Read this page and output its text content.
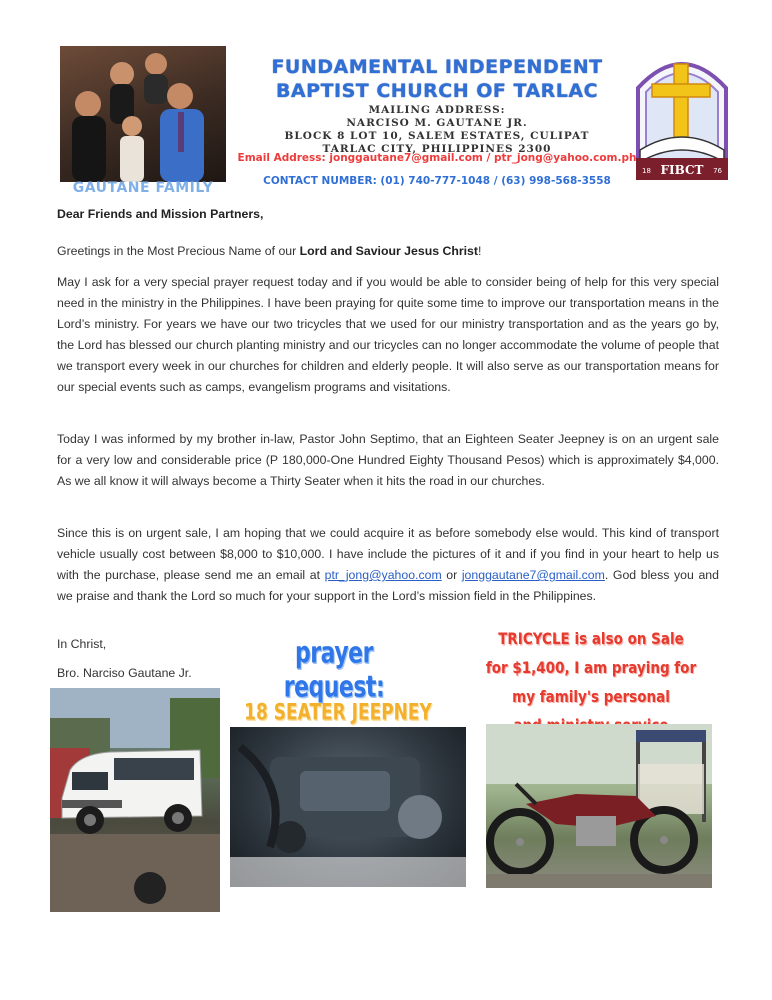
GAUTANE FAMILY
FUNDAMENTAL INDEPENDENT
BAPTIST CHURCH OF TARLAC
MAILING ADDRESS:
NARCISO M. GAUTANE JR.
BLOCK 8 LOT 10, SALEM ESTATES, CULIPAT
TARLAC CITY, PHILIPPINES 2300
Email Address: jonggautane7@gmail.com / ptr_jong@yahoo.com.ph
CONTACT NUMBER: (01) 740-777-1048 / (63) 998-568-3558
18 FIBCT 76

Dear Friends and Mission Partners,

Greetings in the Most Precious Name of our Lord and Saviour Jesus Christ!

May I ask for a very special prayer request today and if you would be able to consider being of help for this very special need in the ministry in the Philippines. I have been praying for quite some time to improve our transportation means in the Lord’s ministry. For years we have our two tricycles that we used for our ministry transportation and as the years go by, the Lord has blessed our church planting ministry and our tricycles can no longer accommodate the volume of people that we transport every week in our churches for children and elderly people. It will also serve as our transportation means for our special events such as camps, evangelism programs and visitations.

Today I was informed by my brother in-law, Pastor John Septimo, that an Eighteen Seater Jeepney is on an urgent sale for a very low and considerable price (P 180,000-One Hundred Eighty Thousand Pesos) which is approximately $4,000. As we all know it will always become a Thirty Seater when it hits the road in our churches.

Since this is on urgent sale, I am hoping that we could acquire it as before somebody else would. This kind of transport vehicle usually cost between $8,000 to $10,000. I have include the pictures of it and if you find in your heart to help us with the purchase, please send me an email at ptr_jong@yahoo.com or jonggautane7@gmail.com. God bless you and we praise and thank the Lord so much for your support in the Lord’s mission field in the Philippines.

In Christ,

Bro. Narciso Gautane Jr.

prayer request:
18 SEATER JEEPNEY
TRICYCLE is also on Sale
for $1,400, I am praying for
my family's personal
